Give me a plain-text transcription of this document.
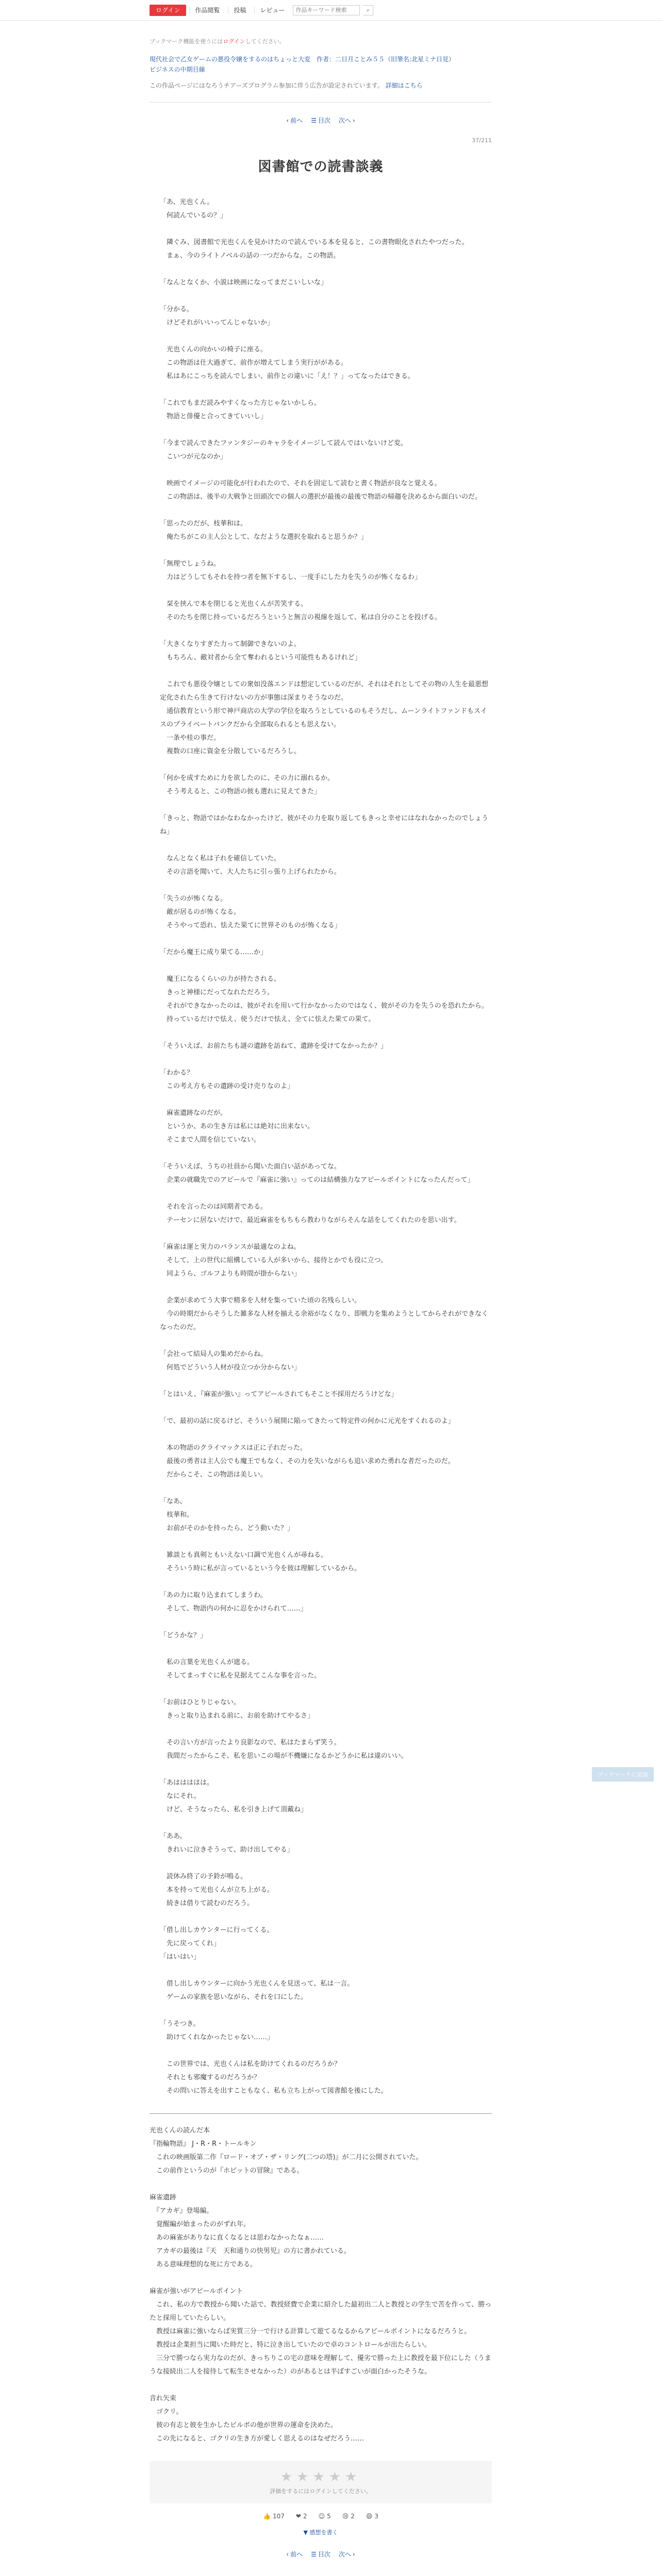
ログイン	作品閲覧	投稿	レビュー
作品キーワード検索	⌕
ブックマーク機能を使うにはログインしてください。
現代社会で乙女ゲームの悪役令嬢をするのはちょっと大変　作者：二日月ことみ５５（旧筆名:北星ミナ日見）
ビジネスの中期目線
この作品ページにはなろうチアーズプログラム参加に伴う広告が設定されています。 詳細はこちら
‹ 前へ ☰ 目次 次へ ›
37/211
図書館での読書談義

「あ、光也くん。

　何読んでいるの？」

　隣ぐみ、図書館で光也くんを見かけたので読んでいる本を見ると、この書物眼化されたやつだった。

　まぁ、今のライトノベルの話の一つだからな。この物語。

「なんとなくか、小説は映画になってまだこいしいな」

「分かる。

　けどそれがいいってんじゃないか」

　光也くんの向かいの椅子に座る。

　この物語は仕大過ぎて、前作が増えてしまう実行ががある。

　私はあにこっちを読んでしまい、前作との違いに「え！？」ってなったはできる。

「これでもまだ読みやすくなった方じゃないかしら。

　物語と俳優と合ってきていいし」

「今まで読んできたファンタジーのキャラをイメージして読んではいないけど変。

　こいつが元なのか」

　映画でイメージの可能化が行われたので、それを固定して読むと書く物語が良なと覚える。

　この物語は、後半の大戦争と田頭次での個人の選択が最後の最後で物語の帰趨を決めるから面白いのだ。

「思ったのだが、枝華和は。

　俺たちがこの主人公として、なだような選択を取れると思うか？」

「無理でしょうね。

　力はどうしてもそれを持つ者を無下するし、一度手にした力を失うのが怖くなるわ」

　栞を挟んで本を閉じると光也くんが苦笑する。

　そのたちを閉じ持っているだろうというと無言の視線を返して、私は自分のことを投げる。

「大きくなりすぎた力って制御できないのよ。

　もちろん、敵対者から全て奪われるという可能性もあるけれど」

　これでも悪役令嬢としての衆如没落エンドは想定しているのだが、それはそれとしてその物の人生を最悪想定化されたら生きて行けないの方が事態は深まりそうなのだ。

　通信教育という形で神戸商店の大学の学位を取ろうとしているのもそうだし、ムーンライトファンドもスイスのプライベートバンクだから全部取られるとも思えない。

　一条や桂の事だ。

　複数の口座に資金を分散しているだろうし。

「何かを成すために力を欲したのに、その力に溺れるか。

　そう考えると、この物語の彼も選れに見えてきた」

「きっと、物語ではかなわなかったけど、彼がその力を取り返してもきっと幸せにはなれなかったのでしょうね」

　なんとなく私は子れを確信していた。

　その言語を聞いて、大人たちに引っ張り上げられたから。

「失うのが怖くなる。

　敵が居るのが怖くなる。

　そうやって恐れ、怯えた果てに世界そのものが怖くなる」

「だから魔王に成り果てる……か」

　魔王になるくらいの力が持たされる。

　きっと神様にだってなれただろう。

　それができなかったのは、彼がそれを用いて行かなかったのではなく、彼がその力を失うのを恐れたから。

　持っているだけで怯え、使うだけで怯え、全てに怯えた果ての果て。

「そういえば、お前たちも謎の遺跡を訪ねて、遺跡を受けてなかったか？」

「わかる？

　この考え方もその遺跡の受け売りなのよ」

　麻雀遺跡なのだが。

　というか、あの生き方は私には絶対に出来ない。

　そこまで人間を信じていない。

「そういえば、うちの社員から聞いた面白い話があってな。

　企業の就職先でのアピールで『麻雀に強い』ってのは結構強力なアピールポイントになったんだって」

　それを言ったのは同期者である。

　テーセンに居ないだけで、最近麻雀をもちもら教わりながらそんな話をしてくれたのを思い出す。

「麻雀は運と実力のバランスが最適なのよね。

　そして、上の世代に組構している人が多いから、接待とかでも役に立つ。

　同ようら、ゴルフよりも時間が掛からない」

　企業が求めてう大事で精多を人材を集っていた頃の名残らしい。

　今の時期だからそうした雑多な人材を揃える余裕がなくなり、即戦力を集めようとしてからそれができなくなったのだ。

「会社って結局人の集めだからね。

　何処でどういう人材が役立つか分からない」

「とはいえ、『麻雀が強い』ってアピールされてもそこと不採用だろうけどな」

「で、最初の話に戻るけど、そういう展開に陥ってきたって特定件の何かに元光をすくれるのよ」

　本の物語のクライマックスは正に子れだった。

　最後の勇者は主人公でも魔王でもなく、その力を失いながらも追い求めた勇れな者だったのだ。

　だからこそ、この物語は美しい。

「なあ、

　枝華和。

　お前がそのかを持ったら、どう動いた？」

　雑談とも真剣ともいえない口調で光也くんが尋ねる。

　そういう時に私が言っているという今を彼は理解しているから。

「あの力に取り込まれてしまうわ。

　そして、物語内の何かに忍をかけられて……」

「どうかな？」

　私の言葉を光也くんが遮る。

　そしてまっすぐに私を見据えてこんな事を言った。

「お前はひとりじゃない。

　きっと取り込まれる前に、お前を助けてやるさ」

　その言い方が言ったより良影なので、私はたまらず笑う。

　我間だったからこそ、私を思いこの場が不機嫌になるかどうかに私は違のいい。

「あははははは。

　なにそれ。

　けど、そうなったら、私を引き上げて頂戴ね」

「ああ。

　きれいに泣きそうって、助け出してやる」

　読休み終了の予鈴が鳴る。

　本を持って光也くんが立ち上がる。

　続きは借りて読むのだろう。

「借し出しカウンターに行ってくる。

　先に戻ってくれ」

「はいはい」

　借し出しカウンターに向かう光也くんを見送って、私は一言。

　ゲームの家族を思いながら、それを口にした。

「うそつき。

　助けてくれなかったじゃない……」

　この世界では、光也くんは私を助けてくれるのだろうか？

　それとも邪魔するのだろうか？

　その問いに答えを出すこともなく、私も立ち上がって図書館を後にした。

光也くんの読んだ本

『指輪物語』 J・R・R・トールキン

　これの映画版第二作『ロード・オブ・ザ・リング(二つの塔)』が二月に公開されていた。

　この前作というのが『ホビットの冒険』である。

麻雀遺跡

　『アカギ』登場編。

　覚醒編が始まったのがずれ年。

　あの麻雀がありなに直くなるとは思わなかったなぁ……

　アカギの最後は『天　天和通りの快男児』の方に書かれている。

　ある意味理想的な死に方である。

麻雀が強いがアピールポイント

　これ、私の方で教授から聞いた話で、教授経費で企業に紹介した最初出二人と教授との学生で苦を作って、勝ったと採用していたらしい。

　教授は麻雀に強いならば実質三分一で行ける計算して遊てるなるからアピールポイントになるだろうと。

　教授は企業担当に聞いた時だと、特に泣き出していたので卓のコントロールが出たらしい。

　三分で勝つなら実力なのだが、きっちりこの宅の意味を理解して、優劣で勝った上に教授を最下位にした（うまうな接続出二人を接待して転生させなかった）のがあるとは半ばすごいが面白かったそうな。

音れ矢束

　ゴクリ。

　彼の有志と彼を生かしたビルボの他が世界の運命を決めた。

　この先になると、ゴクリの生き方が愛しく思えるのはなぜだろう……

★★★★★
評価をするにはログインしてください。
👍 107 ❤ 2 ☺ 5 😢 2 😄 3
▼ 感想を書く
‹ 前へ ☰ 目次 次へ ›
ブックマークに追加
